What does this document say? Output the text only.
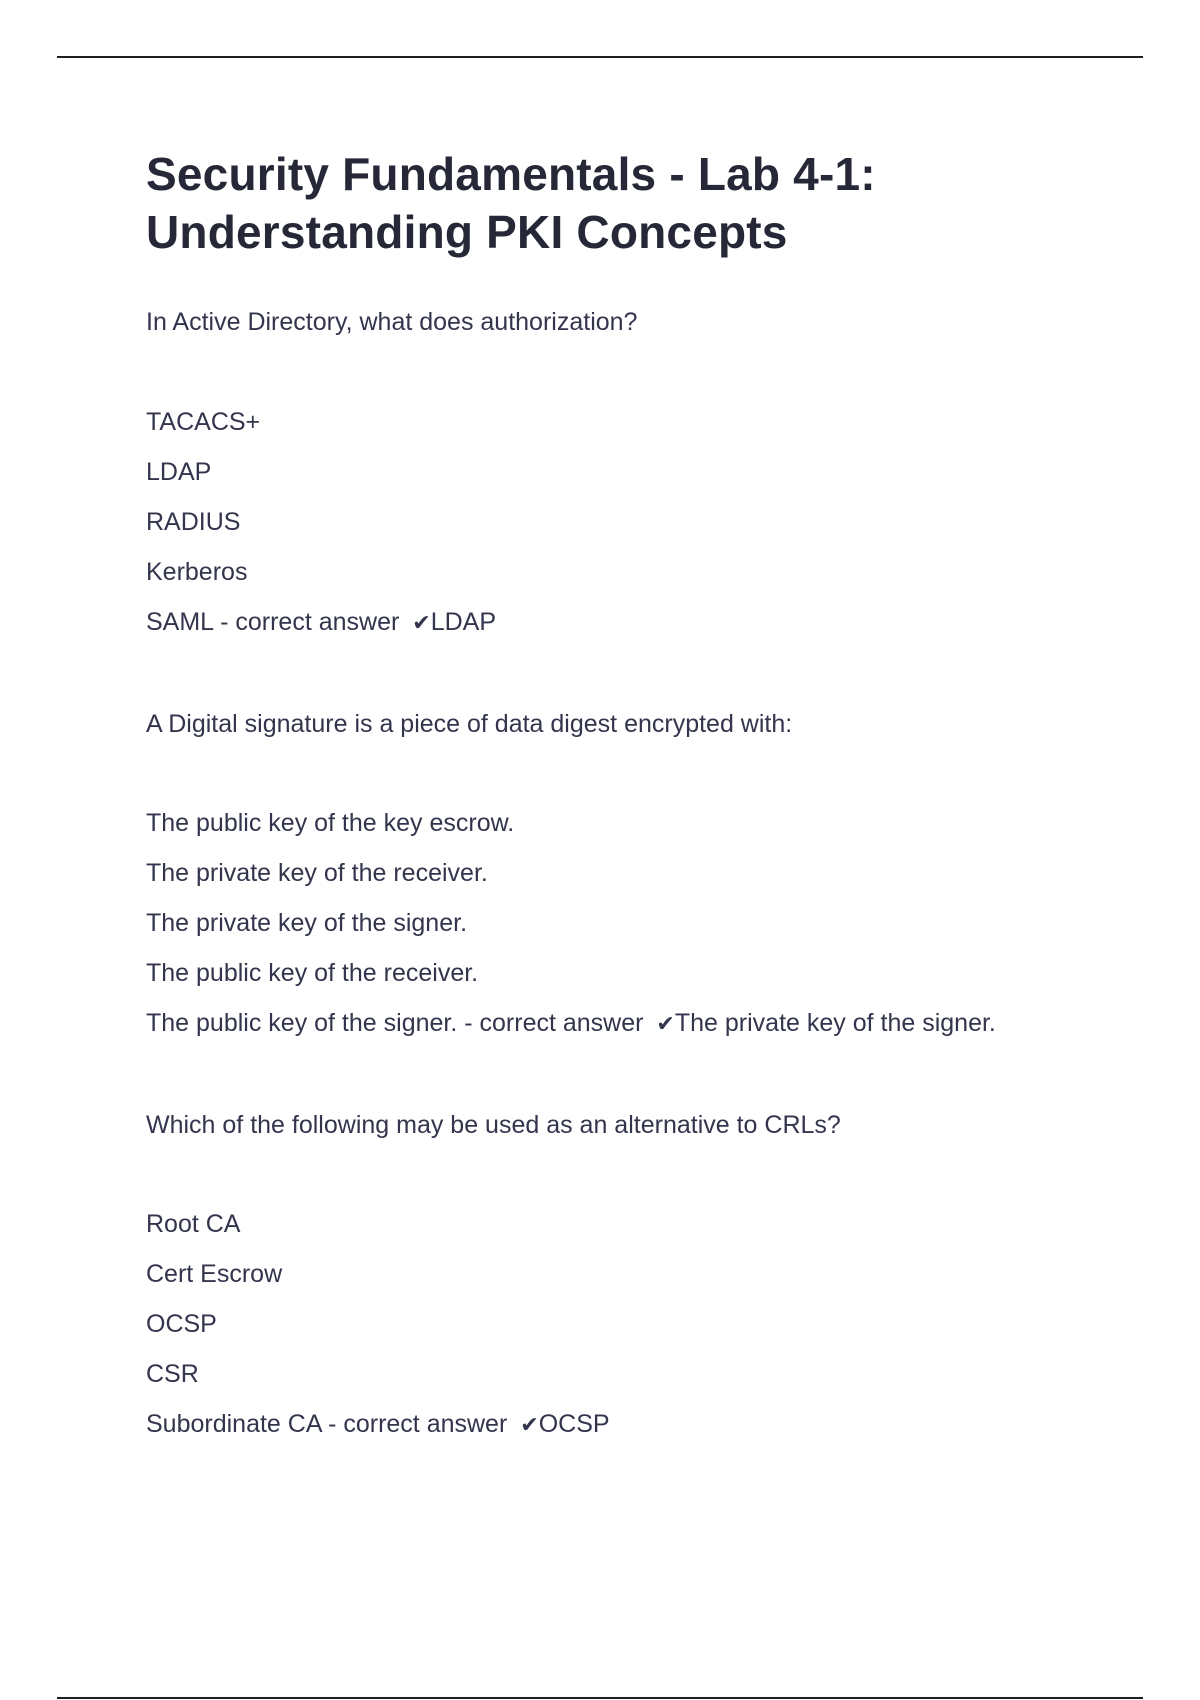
Security Fundamentals - Lab 4-1:
Understanding PKI Concepts

In Active Directory, what does authorization?

TACACS+
LDAP
RADIUS
Kerberos
SAML - correct answer ✔LDAP

A Digital signature is a piece of data digest encrypted with:

The public key of the key escrow.
The private key of the receiver.
The private key of the signer.
The public key of the receiver.
The public key of the signer. - correct answer ✔The private key of the signer.

Which of the following may be used as an alternative to CRLs?

Root CA
Cert Escrow
OCSP
CSR
Subordinate CA - correct answer ✔OCSP
